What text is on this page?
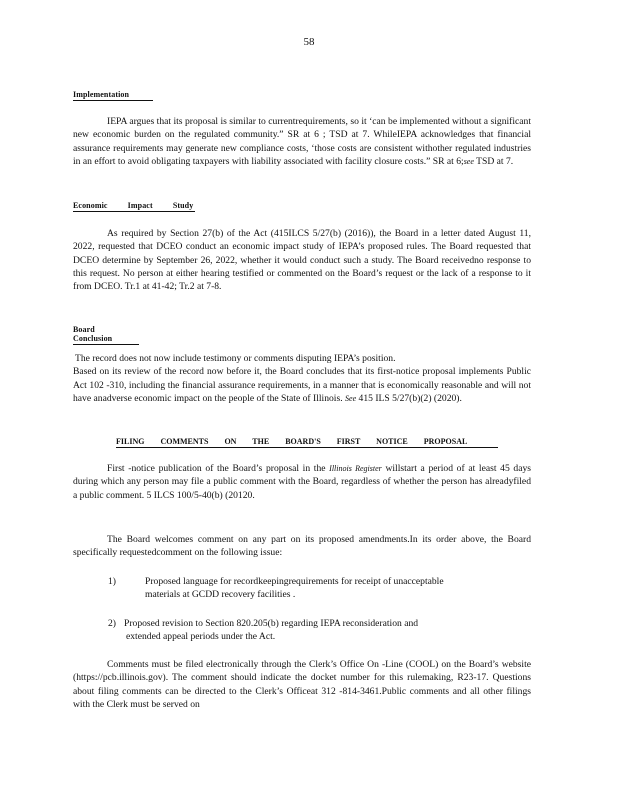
58
Implementation

IEPA argues that its proposal is similar to currentrequirements, so it ‘can be implemented without a significant new economic burden on the regulated community.” SR at 6 ; TSD at 7. WhileIEPA acknowledges that financial assurance requirements may generate new compliance costs, ‘those costs are consistent withother regulated industries in an effort to avoid obligating taxpayers with liability associated with facility closure costs.” SR at 6;see TSD at 7.

Economic Impact Study

As required by Section 27(b) of the Act (415ILCS 5/27(b) (2016)), the Board in a letter dated August 11, 2022, requested that DCEO conduct an economic impact study of IEPA’s proposed rules. The Board requested that DCEO determine by September 26, 2022, whether it would conduct such a study. The Board receivedno response to this request. No person at either hearing testified or commented on the Board’s request or the lack of a response to it from DCEO. Tr.1 at 41-42; Tr.2 at 7-8.

Board Conclusion

The record does not now include testimony or comments disputing IEPA’s position.

Based on its review of the record now before it, the Board concludes that its first-notice proposal implements Public Act 102 -310, including the financial assurance requirements, in a manner that is economically reasonable and will not have anadverse economic impact on the people of the State of Illinois. See 415 ILS 5/27(b)(2) (2020).

FILING COMMENTS ON THE BOARD'S FIRST NOTICE PROPOSAL

First -notice publication of the Board’s proposal in the Illinois Register willstart a period of at least 45 days during which any person may file a public comment with the Board, regardless of whether the person has alreadyfiled a public comment. 5 ILCS 100/5-40(b) (20120.

The Board welcomes comment on any part on its proposed amendments.In its order above, the Board specifically requestedcomment on the following issue:

1)	Proposed language for recordkeepingrequirements for receipt of unacceptable
materials at GCDD recovery facilities .
2) Proposed revision to Section 820.205(b) regarding IEPA reconsideration and
extended appeal periods under the Act.

Comments must be filed electronically through the Clerk’s Office On -Line (COOL) on the Board’s website (https://pcb.illinois.gov). The comment should indicate the docket number for this rulemaking, R23-17. Questions about filing comments can be directed to the Clerk’s Officeat 312 -814-3461.Public comments and all other filings with the Clerk must be served on
